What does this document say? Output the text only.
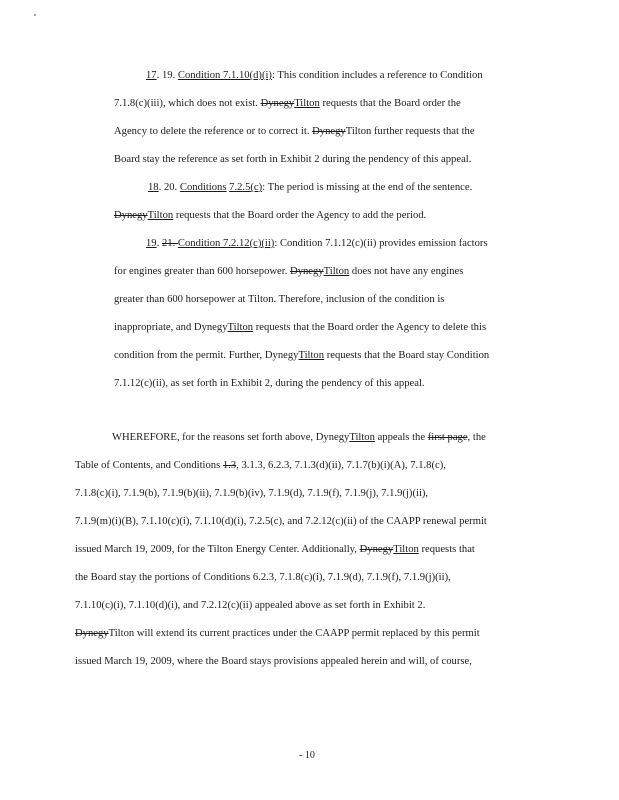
17. 19. Condition 7.1.10(d)(i): This condition includes a reference to Condition
7.1.8(c)(iii), which does not exist. DynegyTilton requests that the Board order the
Agency to delete the reference or to correct it. DynegyTilton further requests that the
Board stay the reference as set forth in Exhibit 2 during the pendency of this appeal.
18. 20. Conditions 7.2.5(c): The period is missing at the end of the sentence.
DynegyTilton requests that the Board order the Agency to add the period.
19. 21. Condition 7.2.12(c)(ii): Condition 7.1.12(c)(ii) provides emission factors
for engines greater than 600 horsepower. DynegyTilton does not have any engines
greater than 600 horsepower at Tilton. Therefore, inclusion of the condition is
inappropriate, and DynegyTilton requests that the Board order the Agency to delete this
condition from the permit. Further, DynegyTilton requests that the Board stay Condition
7.1.12(c)(ii), as set forth in Exhibit 2, during the pendency of this appeal.
WHEREFORE, for the reasons set forth above, DynegyTilton appeals the first page, the
Table of Contents, and Conditions 1.3, 3.1.3, 6.2.3, 7.1.3(d)(ii), 7.1.7(b)(i)(A), 7.1.8(c),
7.1.8(c)(i), 7.1.9(b), 7.1.9(b)(ii), 7.1.9(b)(iv), 7.1.9(d), 7.1.9(f), 7.1.9(j), 7.1.9(j)(ii),
7.1.9(m)(i)(B), 7.1.10(c)(i), 7.1.10(d)(i), 7.2.5(c), and 7.2.12(c)(ii) of the CAAPP renewal permit
issued March 19, 2009, for the Tilton Energy Center. Additionally, DynegyTilton requests that
the Board stay the portions of Conditions 6.2.3, 7.1.8(c)(i), 7.1.9(d), 7.1.9(f), 7.1.9(j)(ii),
7.1.10(c)(i), 7.1.10(d)(i), and 7.2.12(c)(ii) appealed above as set forth in Exhibit 2.
DynegyTilton will extend its current practices under the CAAPP permit replaced by this permit
issued March 19, 2009, where the Board stays provisions appealed herein and will, of course,
- 10
